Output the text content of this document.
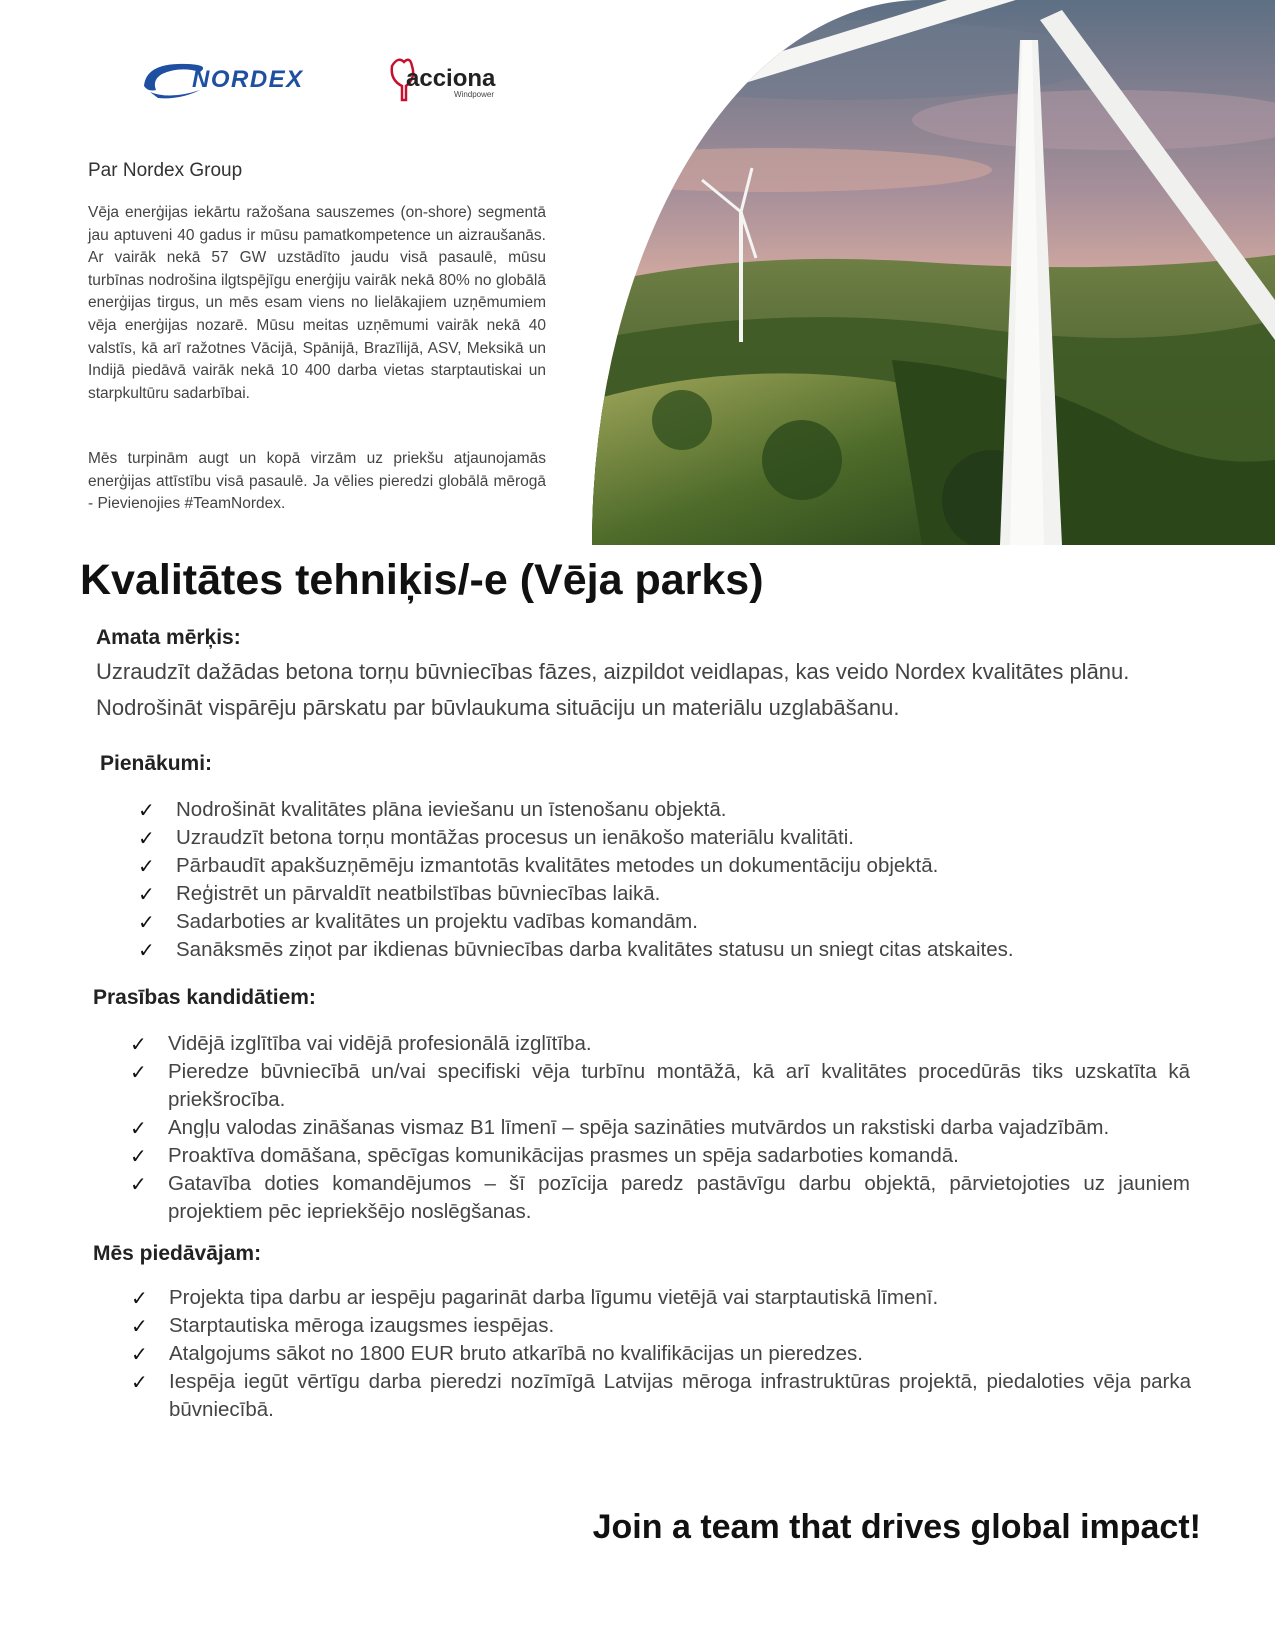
NORDEX	acciona
Windpower
Par Nordex Group

Vēja enerģijas iekārtu ražošana sauszemes (on-shore) segmentā jau aptuveni 40 gadus ir mūsu pamatkompetence un aizraušanās. Ar vairāk nekā 57 GW uzstādīto jaudu visā pasaulē, mūsu turbīnas nodrošina ilgtspējīgu enerģiju vairāk nekā 80% no globālā enerģijas tirgus, un mēs esam viens no lielākajiem uzņēmumiem vēja enerģijas nozarē. Mūsu meitas uzņēmumi vairāk nekā 40 valstīs, kā arī ražotnes Vācijā, Spānijā, Brazīlijā, ASV, Meksikā un Indijā piedāvā vairāk nekā 10 400 darba vietas starptautiskai un starpkultūru sadarbībai.

Mēs turpinām augt un kopā virzām uz priekšu atjaunojamās enerģijas attīstību visā pasaulē. Ja vēlies pieredzi globālā mērogā - Pievienojies #TeamNordex.

Kvalitātes tehniķis/-e (Vēja parks)
Amata mērķis:
Uzraudzīt dažādas betona torņu būvniecības fāzes, aizpildot veidlapas, kas veido Nordex kvalitātes plānu.
Nodrošināt vispārēju pārskatu par būvlaukuma situāciju un materiālu uzglabāšanu.
Pienākumi:
✓ Nodrošināt kvalitātes plāna ieviešanu un īstenošanu objektā.
✓ Uzraudzīt betona torņu montāžas procesus un ienākošo materiālu kvalitāti.
✓ Pārbaudīt apakšuzņēmēju izmantotās kvalitātes metodes un dokumentāciju objektā.
✓ Reģistrēt un pārvaldīt neatbilstības būvniecības laikā.
✓ Sadarboties ar kvalitātes un projektu vadības komandām.
✓ Sanāksmēs ziņot par ikdienas būvniecības darba kvalitātes statusu un sniegt citas atskaites.
Prasības kandidātiem:
✓ Vidējā izglītība vai vidējā profesionālā izglītība.
✓ Pieredze būvniecībā un/vai specifiski vēja turbīnu montāžā, kā arī kvalitātes procedūrās tiks uzskatīta kā priekšrocība.
✓ Angļu valodas zināšanas vismaz B1 līmenī – spēja sazināties mutvārdos un rakstiski darba vajadzībām.
✓ Proaktīva domāšana, spēcīgas komunikācijas prasmes un spēja sadarboties komandā.
✓ Gatavība doties komandējumos – šī pozīcija paredz pastāvīgu darbu objektā, pārvietojoties uz jauniem projektiem pēc iepriekšējo noslēgšanas.
Mēs piedāvājam:
✓ Projekta tipa darbu ar iespēju pagarināt darba līgumu vietējā vai starptautiskā līmenī.
✓ Starptautiska mēroga izaugsmes iespējas.
✓ Atalgojums sākot no 1800 EUR bruto atkarībā no kvalifikācijas un pieredzes.
✓ Iespēja iegūt vērtīgu darba pieredzi nozīmīgā Latvijas mēroga infrastruktūras projektā, piedaloties vēja parka būvniecībā.
Join a team that drives global impact!
